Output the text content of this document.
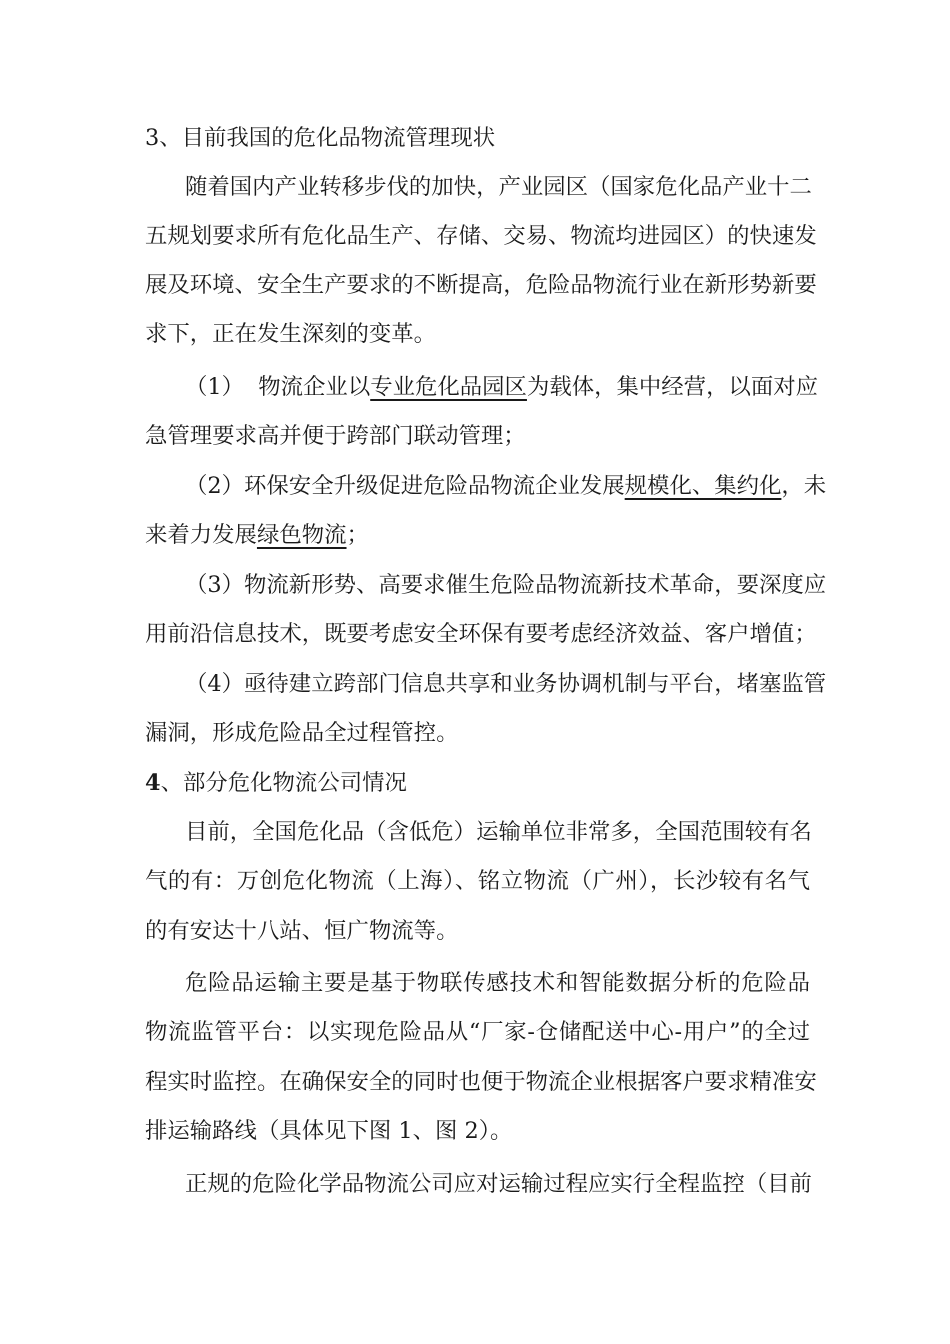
3、目前我国的危化品物流管理现状
随着国内产业转移步伐的加快，产业园区（国家危化品产业十二
五规划要求所有危化品生产、存储、交易、物流均进园区）的快速发
展及环境、安全生产要求的不断提高，危险品物流行业在新形势新要
求下，正在发生深刻的变革。
（1）  物流企业以专业危化品园区为载体，集中经营，以面对应
急管理要求高并便于跨部门联动管理；
（2）环保安全升级促进危险品物流企业发展规模化、集约化，未
来着力发展绿色物流；
（3）物流新形势、高要求催生危险品物流新技术革命，要深度应
用前沿信息技术，既要考虑安全环保有要考虑经济效益、客户增值；
（4）亟待建立跨部门信息共享和业务协调机制与平台，堵塞监管
漏洞，形成危险品全过程管控。
4、部分危化物流公司情况
目前，全国危化品（含低危）运输单位非常多，全国范围较有名
气的有：万创危化物流（上海）、铭立物流（广州），长沙较有名气
的有安达十八站、恒广物流等。
危险品运输主要是基于物联传感技术和智能数据分析的危险品
物流监管平台：以实现危险品从“厂家-仓储配送中心-用户”的全过
程实时监控。在确保安全的同时也便于物流企业根据客户要求精准安
排运输路线（具体见下图 1、图 2）。
正规的危险化学品物流公司应对运输过程应实行全程监控（目前
